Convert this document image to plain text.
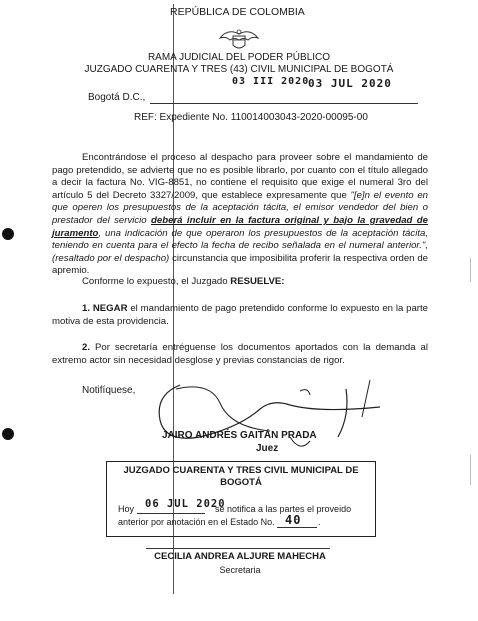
REPÚBLICA DE COLOMBIA
RAMA JUDICIAL DEL PODER PÚBLICO
JUZGADO CUARENTA Y TRES (43) CIVIL MUNICIPAL DE BOGOTÁ
03 III 2020
03 JUL 2020
Bogotá D.C.,
REF: Expediente No. 110014003043-2020-00095-00
Encontrándose el proceso al despacho para proveer sobre el mandamiento de pago pretendido, se advierte que no es posible librarlo, por cuanto con el título allegado a decir la factura No. VIG-8851, no contiene el requisito que exige el numeral 3ro del artículo 5 del Decreto 3327/2009, que establece expresamente que "[e]n el evento en que operen los presupuestos de la aceptación tácita, el emisor vendedor del bien o prestador del servicio deberá incluir en la factura original y bajo la gravedad de juramento, una indicación de que operaron los presupuestos de la aceptación tácita, teniendo en cuenta para el efecto la fecha de recibo señalada en el numeral anterior.",(resaltado por el despacho) circunstancia que imposibilita proferir la respectiva orden de apremio.
Conforme lo expuesto, el Juzgado RESUELVE:
1. NEGAR el mandamiento de pago pretendido conforme lo expuesto en la parte motiva de esta providencia.
2. Por secretaría entréguense los documentos aportados con la demanda al extremo actor sin necesidad desglose y previas constancias de rigor.
Notifíquese,
JAIRO ANDRÉS GAITÁN PRADA
Juez
JUZGADO CUARENTA Y TRES CIVIL MUNICIPAL DE
BOGOTÁ
Hoy 06 JUL 2020
se notifica a las partes el proveido
anterior por anotación en el Estado No. 40 .
CECILIA ANDREA ALJURE MAHECHA
Secretaria
